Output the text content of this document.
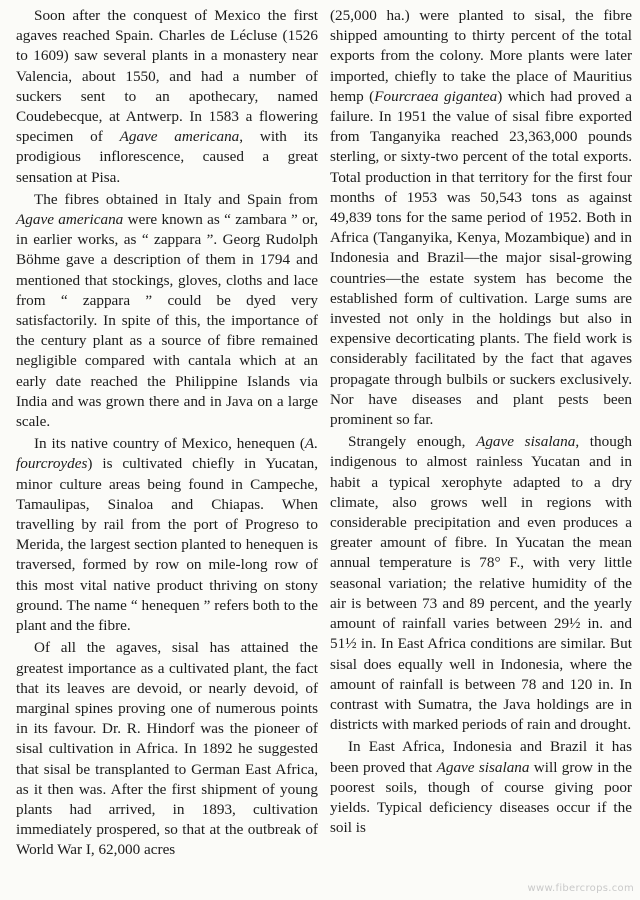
Soon after the conquest of Mexico the first agaves reached Spain. Charles de Lécluse (1526 to 1609) saw several plants in a monastery near Valencia, about 1550, and had a number of suckers sent to an apothecary, named Coudebecque, at Antwerp. In 1583 a flowering specimen of Agave americana, with its prodigious inflorescence, caused a great sensation at Pisa.

The fibres obtained in Italy and Spain from Agave americana were known as “ zambara ” or, in earlier works, as “ zappara ”. Georg Rudolph Böhme gave a description of them in 1794 and mentioned that stockings, gloves, cloths and lace from “ zappara ” could be dyed very satisfactorily. In spite of this, the importance of the century plant as a source of fibre remained negligible compared with cantala which at an early date reached the Philippine Islands via India and was grown there and in Java on a large scale.

In its native country of Mexico, henequen (A. fourcroydes) is cultivated chiefly in Yucatan, minor culture areas being found in Campeche, Tamaulipas, Sinaloa and Chiapas. When travelling by rail from the port of Progreso to Merida, the largest section planted to henequen is traversed, formed by row on mile-long row of this most vital native product thriving on stony ground. The name “ henequen ” refers both to the plant and the fibre.

Of all the agaves, sisal has attained the greatest importance as a cultivated plant, the fact that its leaves are devoid, or nearly devoid, of marginal spines proving one of numerous points in its favour. Dr. R. Hindorf was the pioneer of sisal cultivation in Africa. In 1892 he suggested that sisal be transplanted to German East Africa, as it then was. After the first shipment of young plants had arrived, in 1893, cultivation immediately prospered, so that at the outbreak of World War I, 62,000 acres

(25,000 ha.) were planted to sisal, the fibre shipped amounting to thirty percent of the total exports from the colony. More plants were later imported, chiefly to take the place of Mauritius hemp (Fourcraea gigantea) which had proved a failure. In 1951 the value of sisal fibre exported from Tanganyika reached 23,363,000 pounds sterling, or sixty-two percent of the total exports. Total production in that territory for the first four months of 1953 was 50,543 tons as against 49,839 tons for the same period of 1952. Both in Africa (Tanganyika, Kenya, Mozambique) and in Indonesia and Brazil—the major sisal-growing countries—the estate system has become the established form of cultivation. Large sums are invested not only in the holdings but also in expensive decorticating plants. The field work is considerably facilitated by the fact that agaves propagate through bulbils or suckers exclusively. Nor have diseases and plant pests been prominent so far.

Strangely enough, Agave sisalana, though indigenous to almost rainless Yucatan and in habit a typical xerophyte adapted to a dry climate, also grows well in regions with considerable precipitation and even produces a greater amount of fibre. In Yucatan the mean annual temperature is 78° F., with very little seasonal variation; the relative humidity of the air is between 73 and 89 percent, and the yearly amount of rainfall varies between 29½ in. and 51½ in. In East Africa conditions are similar. But sisal does equally well in Indonesia, where the amount of rainfall is between 78 and 120 in. In contrast with Sumatra, the Java holdings are in districts with marked periods of rain and drought.

In East Africa, Indonesia and Brazil it has been proved that Agave sisalana will grow in the poorest soils, though of course giving poor yields. Typical deficiency diseases occur if the soil is

www.fibercrops.com
